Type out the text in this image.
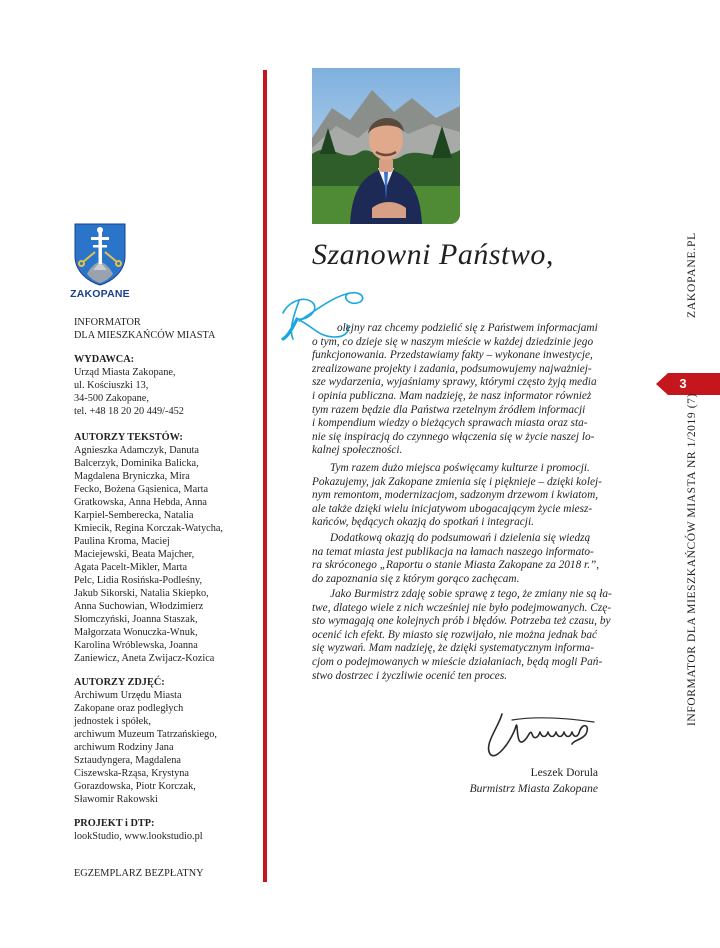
ZAKOPANE
INFORMATOR
DLA MIESZKAŃCÓW MIASTA
WYDAWCA:
Urząd Miasta Zakopane,
ul. Kościuszki 13,
34-500 Zakopane,
tel. +48 18 20 20 449/-452
AUTORZY TEKSTÓW:
Agnieszka Adamczyk, Danuta
Balcerzyk, Dominika Balicka,
Magdalena Bryniczka, Mira
Fecko, Bożena Gąsienica, Marta
Gratkowska, Anna Hebda, Anna
Karpiel-Semberecka, Natalia
Kmiecik, Regina Korczak-Watycha,
Paulina Kroma, Maciej
Maciejewski, Beata Majcher,
Agata Pacelt-Mikler, Marta
Pelc, Lidia Rosińska-Podleśny,
Jakub Sikorski, Natalia Skiepko,
Anna Suchowian, Włodzimierz
Słomczyński, Joanna Staszak,
Małgorzata Wonuczka-Wnuk,
Karolina Wróblewska, Joanna
Zaniewicz, Aneta Zwijacz-Kozica
AUTORZY ZDJĘĆ:
Archiwum Urzędu Miasta
Zakopane oraz podległych
jednostek i spółek,
archiwum Muzeum Tatrzańskiego,
archiwum Rodziny Jana
Sztaudyngera, Magdalena
Ciszewska-Rząsa, Krystyna
Gorazdowska, Piotr Korczak,
Sławomir Rakowski
PROJEKT i DTP:
lookStudio, www.lookstudio.pl
EGZEMPLARZ BEZPŁATNY
Szanowni Państwo,
olejny raz chcemy podzielić się z Państwem informacjami
o tym, co dzieje się w naszym mieście w każdej dziedzinie jego
funkcjonowania. Przedstawiamy fakty – wykonane inwestycje,
zrealizowane projekty i zadania, podsumowujemy najważniej-
sze wydarzenia, wyjaśniamy sprawy, którymi często żyją media
i opinia publiczna. Mam nadzieję, że nasz informator również
tym razem będzie dla Państwa rzetelnym źródłem informacji
i kompendium wiedzy o bieżących sprawach miasta oraz sta-
nie się inspiracją do czynnego włączenia się w życie naszej lo-
kalnej społeczności.
Tym razem dużo miejsca poświęcamy kulturze i promocji.
Pokazujemy, jak Zakopane zmienia się i pięknieje – dzięki kolej-
nym remontom, modernizacjom, sadzonym drzewom i kwiatom,
ale także dzięki wielu inicjatywom ubogacającym życie miesz-
kańców, będących okazją do spotkań i integracji.
Dodatkową okazją do podsumowań i dzielenia się wiedzą
na temat miasta jest publikacja na łamach naszego informato-
ra skróconego „Raportu o stanie Miasta Zakopane za 2018 r.”,
do zapoznania się z którym gorąco zachęcam.
Jako Burmistrz zdaję sobie sprawę z tego, że zmiany nie są ła-
twe, dlatego wiele z nich wcześniej nie było podejmowanych. Czę-
sto wymagają one kolejnych prób i błędów. Potrzeba też czasu, by
ocenić ich efekt. By miasto się rozwijało, nie można jednak bać
się wyzwań. Mam nadzieję, że dzięki systematycznym informa-
cjom o podejmowanych w mieście działaniach, będą mogli Pań-
stwo dostrzec i życzliwie ocenić ten proces.
Leszek Dorula
Burmistrz Miasta Zakopane
ZAKOPANE.PL
3
INFORMATOR DLA MIESZKAŃCÓW MIASTA NR 1/2019 (7)
